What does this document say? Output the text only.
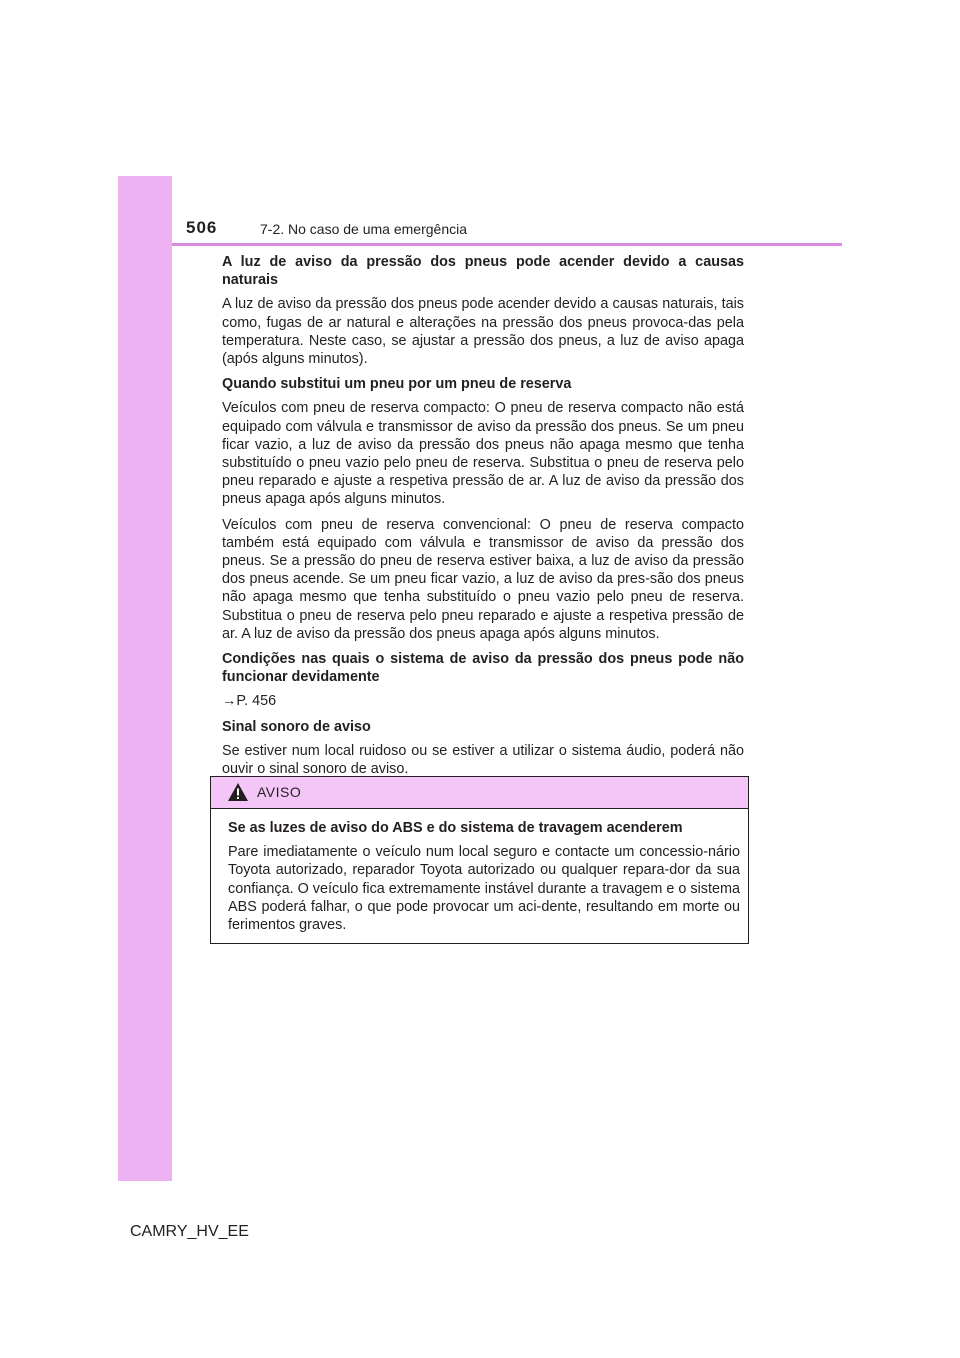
506	7-2. No caso de uma emergência

A luz de aviso da pressão dos pneus pode acender devido a causas naturais

A luz de aviso da pressão dos pneus pode acender devido a causas naturais, tais como, fugas de ar natural e alterações na pressão dos pneus provoca-das pela temperatura. Neste caso, se ajustar a pressão dos pneus, a luz de aviso apaga (após alguns minutos).

Quando substitui um pneu por um pneu de reserva

Veículos com pneu de reserva compacto: O pneu de reserva compacto não está equipado com válvula e transmissor de aviso da pressão dos pneus. Se um pneu ficar vazio, a luz de aviso da pressão dos pneus não apaga mesmo que tenha substituído o pneu vazio pelo pneu de reserva. Substitua o pneu de reserva pelo pneu reparado e ajuste a respetiva pressão de ar. A luz de aviso da pressão dos pneus apaga após alguns minutos.

Veículos com pneu de reserva convencional: O pneu de reserva compacto também está equipado com válvula e transmissor de aviso da pressão dos pneus. Se a pressão do pneu de reserva estiver baixa, a luz de aviso da pressão dos pneus acende. Se um pneu ficar vazio, a luz de aviso da pres-são dos pneus não apaga mesmo que tenha substituído o pneu vazio pelo pneu de reserva. Substitua o pneu de reserva pelo pneu reparado e ajuste a respetiva pressão de ar. A luz de aviso da pressão dos pneus apaga após alguns minutos.

Condições nas quais o sistema de aviso da pressão dos pneus pode não funcionar devidamente

→P. 456

Sinal sonoro de aviso

Se estiver num local ruidoso ou se estiver a utilizar o sistema áudio, poderá não ouvir o sinal sonoro de aviso.

AVISO

Se as luzes de aviso do ABS e do sistema de travagem acenderem

Pare imediatamente o veículo num local seguro e contacte um concessio-nário Toyota autorizado, reparador Toyota autorizado ou qualquer repara-dor da sua confiança. O veículo fica extremamente instável durante a travagem e o sistema ABS poderá falhar, o que pode provocar um aci-dente, resultando em morte ou ferimentos graves.

CAMRY_HV_EE
